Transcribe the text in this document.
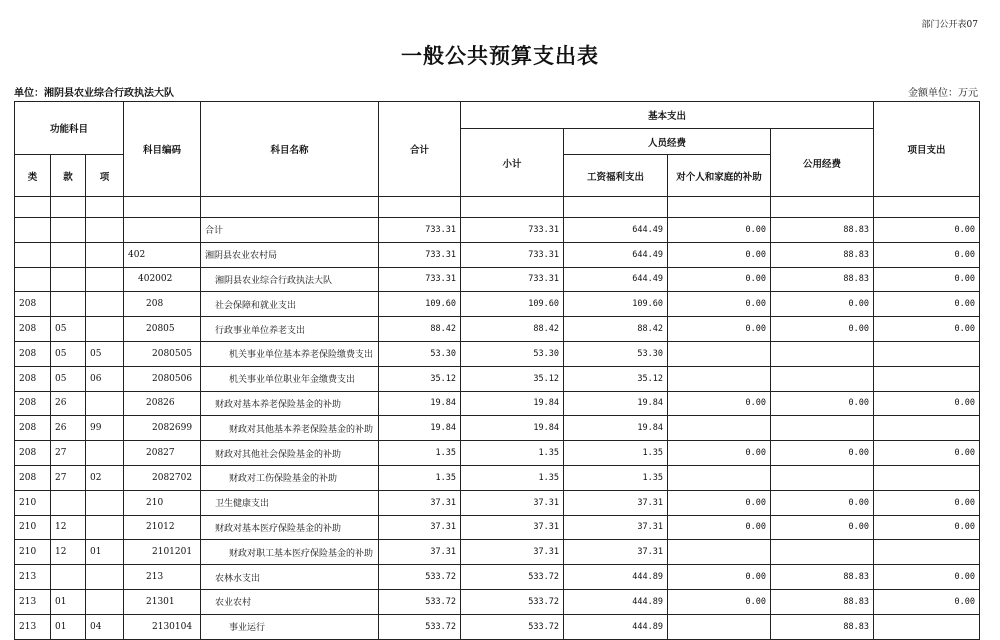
部门公开表07
一般公共预算支出表
单位：湘阴县农业综合行政执法大队	金额单位：万元
功能科目			科目编码	科目名称	合计	基本支出				项目支出
						小计	人员经费		公用经费	
类	款	项					工资福利支出	对个人和家庭的补助		

				合计	733.31	733.31	644.49	0.00	88.83	0.00
			402	湘阴县农业农村局	733.31	733.31	644.49	0.00	88.83	0.00
			402002	湘阴县农业综合行政执法大队	733.31	733.31	644.49	0.00	88.83	0.00
208			208	社会保障和就业支出	109.60	109.60	109.60	0.00	0.00	0.00
208	05		20805	行政事业单位养老支出	88.42	88.42	88.42	0.00	0.00	0.00
208	05	05	2080505	机关事业单位基本养老保险缴费支出	53.30	53.30	53.30			
208	05	06	2080506	机关事业单位职业年金缴费支出	35.12	35.12	35.12			
208	26		20826	财政对基本养老保险基金的补助	19.84	19.84	19.84	0.00	0.00	0.00
208	26	99	2082699	财政对其他基本养老保险基金的补助	19.84	19.84	19.84			
208	27		20827	财政对其他社会保险基金的补助	1.35	1.35	1.35	0.00	0.00	0.00
208	27	02	2082702	财政对工伤保险基金的补助	1.35	1.35	1.35			
210			210	卫生健康支出	37.31	37.31	37.31	0.00	0.00	0.00
210	12		21012	财政对基本医疗保险基金的补助	37.31	37.31	37.31	0.00	0.00	0.00
210	12	01	2101201	财政对职工基本医疗保险基金的补助	37.31	37.31	37.31			
213			213	农林水支出	533.72	533.72	444.89	0.00	88.83	0.00
213	01		21301	农业农村	533.72	533.72	444.89	0.00	88.83	0.00
213	01	04	2130104	事业运行	533.72	533.72	444.89		88.83	
